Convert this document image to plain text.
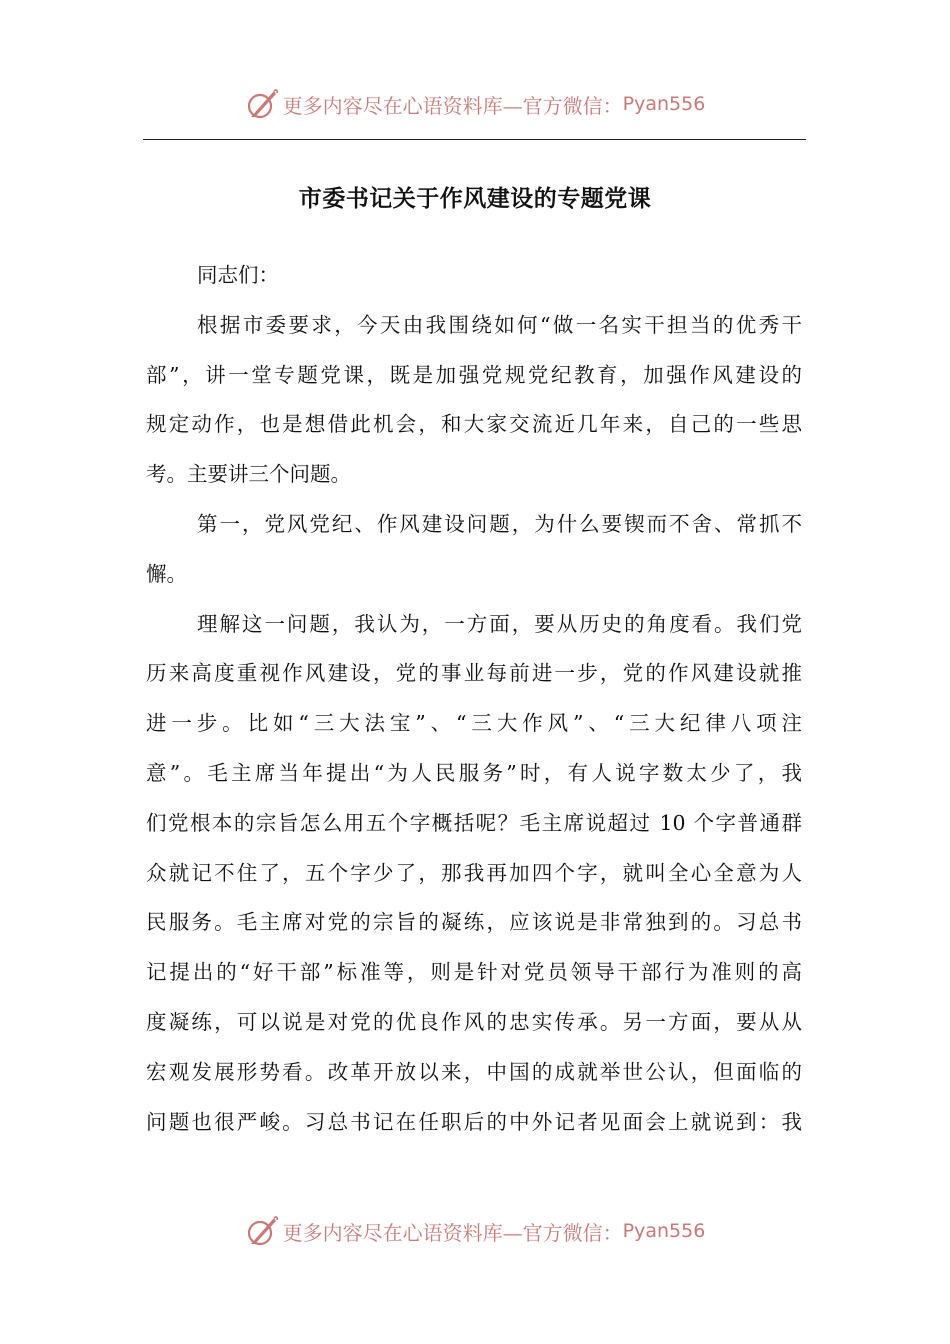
更多内容尽在心语资料库—官方微信： Pyan556
市委书记关于作风建设的专题党课
同志们：
根据市委要求，今天由我围绕如何“做一名实干担当的优秀干
部”，讲一堂专题党课，既是加强党规党纪教育，加强作风建设的
规定动作，也是想借此机会，和大家交流近几年来，自己的一些思
考。主要讲三个问题。
第一，党风党纪、作风建设问题，为什么要锲而不舍、常抓不
懈。
理解这一问题，我认为，一方面，要从历史的角度看。我们党
历来高度重视作风建设，党的事业每前进一步，党的作风建设就推
进一步。比如“三大法宝”、“三大作风”、“三大纪律八项注
意”。毛主席当年提出“为人民服务”时，有人说字数太少了，我
们党根本的宗旨怎么用五个字概括呢？毛主席说超过 10 个字普通群
众就记不住了，五个字少了，那我再加四个字，就叫全心全意为人
民服务。毛主席对党的宗旨的凝练，应该说是非常独到的。习总书
记提出的“好干部”标准等，则是针对党员领导干部行为准则的高
度凝练，可以说是对党的优良作风的忠实传承。另一方面，要从从
宏观发展形势看。改革开放以来，中国的成就举世公认，但面临的
问题也很严峻。习总书记在任职后的中外记者见面会上就说到：我
更多内容尽在心语资料库—官方微信： Pyan556
